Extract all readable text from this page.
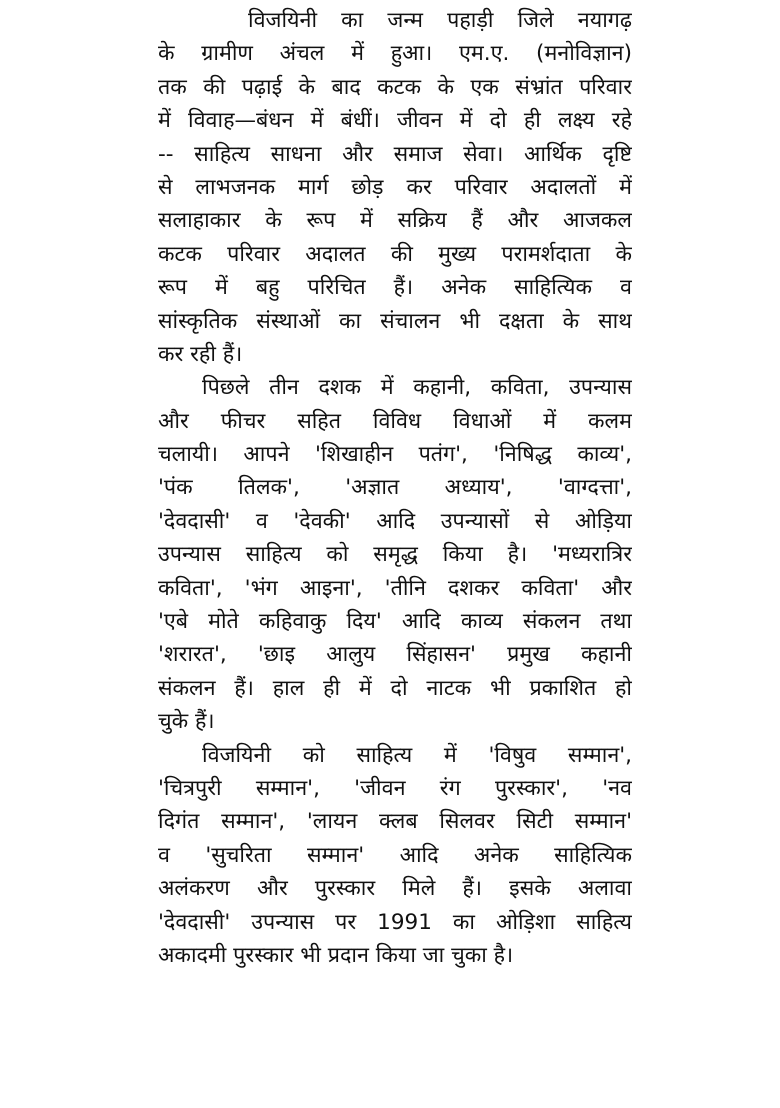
विजयिनी का जन्म पहाड़ी जिले नयागढ़
के ग्रामीण अंचल में हुआ। एम.ए. (मनोविज्ञान)
तक की पढ़ाई के बाद कटक के एक संभ्रांत परिवार
में विवाह—बंधन में बंधीं। जीवन में दो ही लक्ष्य रहे
-- साहित्य साधना और समाज सेवा। आर्थिक दृष्टि
से लाभजनक मार्ग छोड़ कर परिवार अदालतों में
सलाहाकार के रूप में सक्रिय हैं और आजकल
कटक परिवार अदालत की मुख्य परामर्शदाता के
रूप में बहु परिचित हैं। अनेक साहित्यिक व
सांस्कृतिक संस्थाओं का संचालन भी दक्षता के साथ
कर रही हैं।
पिछले तीन दशक में कहानी, कविता, उपन्यास
और फीचर सहित विविध विधाओं में कलम
चलायी। आपने 'शिखाहीन पतंग', 'निषिद्ध काव्य',
'पंक तिलक', 'अज्ञात अध्याय', 'वाग्दत्ता',
'देवदासी' व 'देवकी' आदि उपन्यासों से ओड़िया
उपन्यास साहित्य को समृद्ध किया है। 'मध्यरात्रिर
कविता', 'भंग आइना', 'तीनि दशकर कविता' और
'एबे मोते कहिवाकु दिय' आदि काव्य संकलन तथा
'शरारत', 'छाइ आलुय सिंहासन' प्रमुख कहानी
संकलन हैं। हाल ही में दो नाटक भी प्रकाशित हो
चुके हैं।
विजयिनी को साहित्य में 'विषुव सम्मान',
'चित्रपुरी सम्मान', 'जीवन रंग पुरस्कार', 'नव
दिगंत सम्मान', 'लायन क्लब सिलवर सिटी सम्मान'
व 'सुचरिता सम्मान' आदि अनेक साहित्यिक
अलंकरण और पुरस्कार मिले हैं। इसके अलावा
'देवदासी' उपन्यास पर 1991 का ओड़िशा साहित्य
अकादमी पुरस्कार भी प्रदान किया जा चुका है।
